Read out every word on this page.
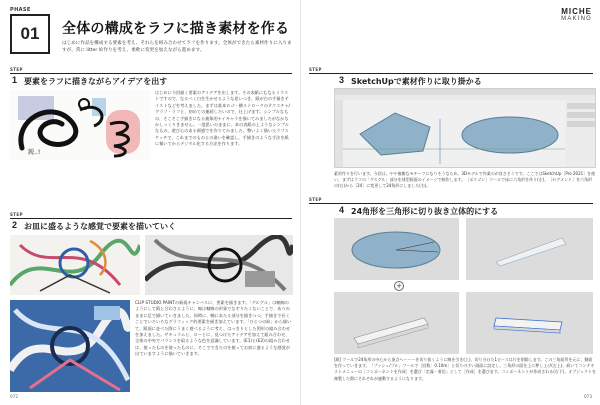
PHASE
01	全体の構成をラフに描き素材を作る
はじめに作品を構成する要素を考え、それらを組み合わせてラフを作ります。全体ができたら素材作りに入りますが、常に litter 絵作りを考え、柔軟に変更を加えながら進めます。
STEP
1 要素をラフに描きながらアイデアを出す
鋭..!
はじめに今回描く要素のアイデアを出します。その表紙にもなるイラストですので、なるべく白を生かせるような思いつき、紙が白の手描きテイストなどを考えました。まずは基本ロゴ・横ストロークのテクスチャ/グラフ・ラフと、初めての連続したいので、仕上げます。シンプルなもの、そこそこ手描きになる抽象的ナイキャラを描いてみましたがなかなかしっくりきません。一度思いのままに、本の表紙の上ようなシンプルなもの、遊び心のある画感でを作りてみました。勢いよく描いたラフスケッチで、これまでのものとの違いを確認し、手描きのような手法を紙に描いてからデジタル化する方法を作ります。
STEP
2 お皿に盛るような感覚で要素を描いていく
CLIP STUDIO PAINTの新規キャンバスに、要素を描きます。「グルグル」は軸線のようにして紙と合わさるように、線は軸線の形象でなぞりたくないことで、ありのままに足で描いていきました。同時に、軸にあたる部分を描きつつ、手描きで長くことでいろいろなグラフィック的要素を描き加えています。「ひとつの絵」から描いて、紙面に並べた際にうまく遊べるように考え、はっきりとした図形の組み合わせを加えました。サキュラムと、ローとに、見つけたアイデアを加えて組み合わせ、全体の中央でバランスを取るような色を意識しています。(E1)と(E2)の組み合わせは、使ったものを使ったものに、そこでできたのを使ってお皿に盛るような感覚が出ていますように描いていきます。
072
MICHE
MAKING
STEP
3 SketchUpで素材作りに取り掛かる
素材作りを行います。今回は、やや複雑なモチーフになりそうなため、3Dモデルで作業のが良さそうです。ここではSketchUp［Pro 2021］を使い、まずはラフの「グルグル」部分を球型画面のイメージで制作します。［ポリゴン］ツールで床に六角形を作り(左)、［セグメント］を六角形の(右)から［24］に変更して24角形にしました(右)。
STEP
4 24角形を三角形に切り抜き立体的にする
+
[紙] ツールで24角形の中心から頂点ヘーーーを切り抜くように線を引き(上)、切り分けた1ピースは片を削除します。この三角面形を元に、側面を作っていきます。「プッシュ/プル」ツールで［回数：0.10m］と切りの少い画面に設定し、三角形の面を上に押し上げ(左上)、続いてコンテキストメニューの［コンポーネントを作成］を選び「定義・着信」として［作成］を選びます。コンポーネントが作成される(右下)、オブジェクトを複製した際にそれぞれが連動するようになります。
073
